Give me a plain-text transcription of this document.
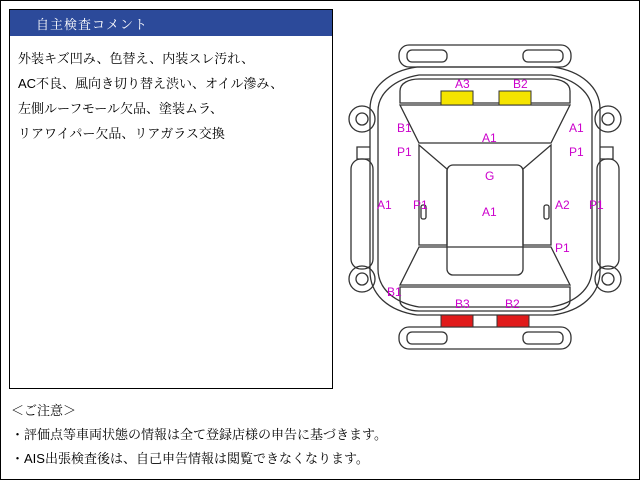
自主検査コメント
外装キズ凹み、色替え、内装スレ汚れ、
AC不良、風向き切り替え渋い、オイル滲み、
左側ルーフモール欠品、塗装ムラ、
リアワイパー欠品、リアガラス交換
＜ご注意＞
・評価点等車両状態の情報は全て登録店様の申告に基づきます。
・AIS出張検査後は、自己申告情報は閲覧できなくなります。
A3	B2
B1
A1
A1
P1	P1
G
A1 P1	A2 P1
A1
P1
B1
B3	B2
